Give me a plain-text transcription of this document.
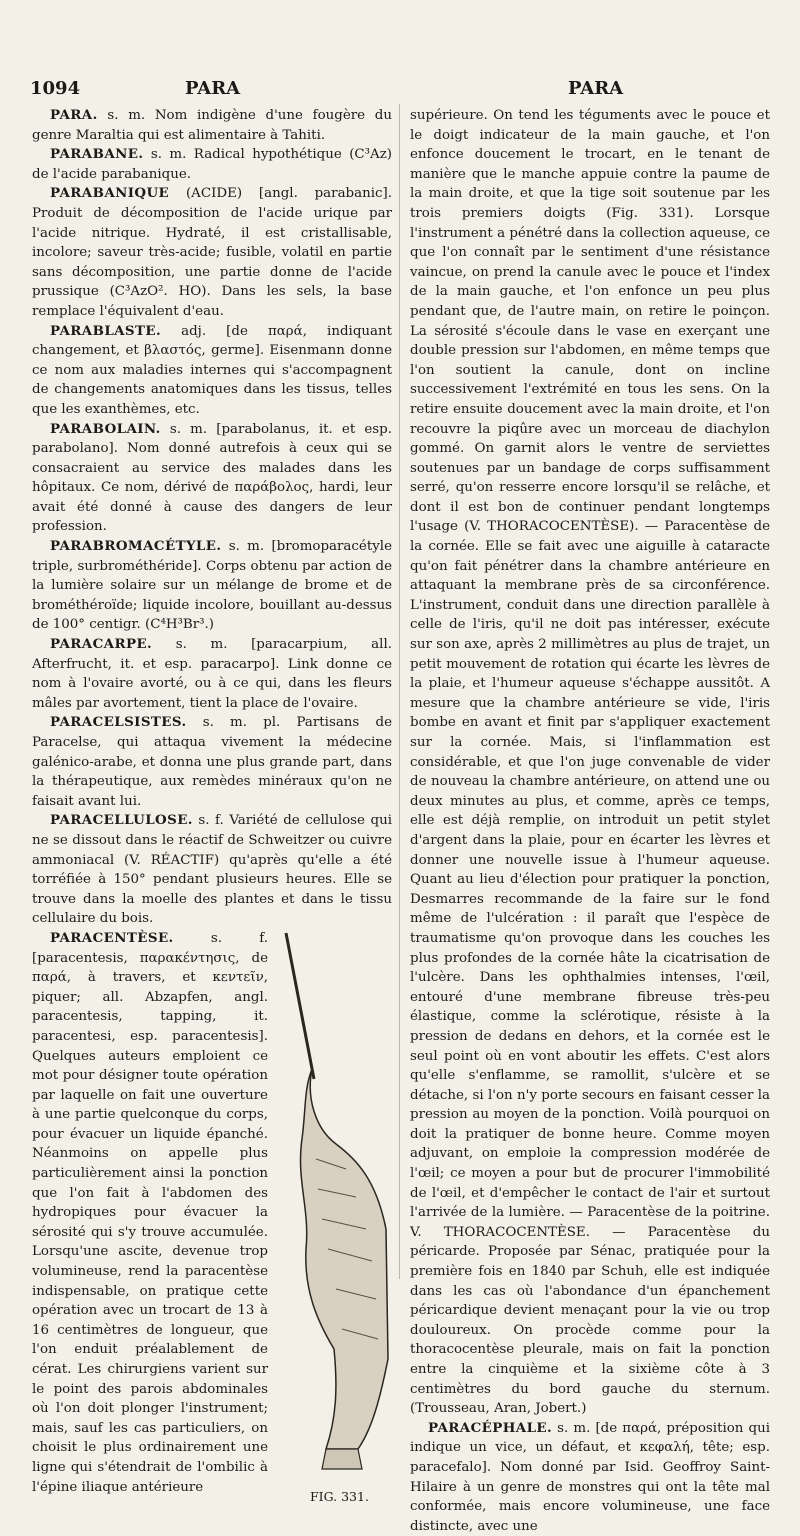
1094	PARA	PARA

PARA. s. m. Nom indigène d'une fougère du genre Maraltia qui est alimentaire à Tahiti.

PARABANE. s. m. Radical hypothétique (C³Az) de l'acide parabanique.

PARABANIQUE (ACIDE) [angl. parabanic]. Produit de décomposition de l'acide urique par l'acide nitrique. Hydraté, il est cristallisable, incolore; saveur très-acide; fusible, volatil en partie sans décomposition, une partie donne de l'acide prussique (C³AzO². HO). Dans les sels, la base remplace l'équivalent d'eau.

PARABLASTE. adj. [de παρά, indiquant changement, et βλαστός, germe]. Eisenmann donne ce nom aux maladies internes qui s'accompagnent de changements anatomiques dans les tissus, telles que les exanthèmes, etc.

PARABOLAIN. s. m. [parabolanus, it. et esp. parabolano]. Nom donné autrefois à ceux qui se consacraient au service des malades dans les hôpitaux. Ce nom, dérivé de παράβολος, hardi, leur avait été donné à cause des dangers de leur profession.

PARABROMACÉTYLE. s. m. [bromoparacétyle triple, surbrométhéride]. Corps obtenu par action de la lumière solaire sur un mélange de brome et de brométhéroïde; liquide incolore, bouillant au-dessus de 100° centigr. (C⁴H³Br³.)

PARACARPE. s. m. [paracarpium, all. Afterfrucht, it. et esp. paracarpo]. Link donne ce nom à l'ovaire avorté, ou à ce qui, dans les fleurs mâles par avortement, tient la place de l'ovaire.

PARACELSISTES. s. m. pl. Partisans de Paracelse, qui attaqua vivement la médecine galénico-arabe, et donna une plus grande part, dans la thérapeutique, aux remèdes minéraux qu'on ne faisait avant lui.

PARACELLULOSE. s. f. Variété de cellulose qui ne se dissout dans le réactif de Schweitzer ou cuivre ammoniacal (V. RÉACTIF) qu'après qu'elle a été torréfiée à 150° pendant plusieurs heures. Elle se trouve dans la moelle des plantes et dans le tissu cellulaire du bois.

FIG. 331.
PARACENTÈSE. s. f. [paracentesis, παρακέντησις, de παρά, à travers, et κεντεῖν, piquer; all. Abzapfen, angl. paracentesis, tapping, it. paracentesi, esp. paracentesis]. Quelques auteurs emploient ce mot pour désigner toute opération par laquelle on fait une ouverture à une partie quelconque du corps, pour évacuer un liquide épanché. Néanmoins on appelle plus particulièrement ainsi la ponction que l'on fait à l'abdomen des hydropiques pour évacuer la sérosité qui s'y trouve accumulée. Lorsqu'une ascite, devenue trop volumineuse, rend la paracentèse indispensable, on pratique cette opération avec un trocart de 13 à 16 centimètres de longueur, que l'on enduit préalablement de cérat. Les chirurgiens varient sur le point des parois abdominales où l'on doit plonger l'instrument; mais, sauf les cas particuliers, on choisit le plus ordinairement une ligne qui s'étendrait de l'ombilic à l'épine iliaque antérieure

supérieure. On tend les téguments avec le pouce et le doigt indicateur de la main gauche, et l'on enfonce doucement le trocart, en le tenant de manière que le manche appuie contre la paume de la main droite, et que la tige soit soutenue par les trois premiers doigts (Fig. 331). Lorsque l'instrument a pénétré dans la collection aqueuse, ce que l'on connaît par le sentiment d'une résistance vaincue, on prend la canule avec le pouce et l'index de la main gauche, et l'on enfonce un peu plus pendant que, de l'autre main, on retire le poinçon. La sérosité s'écoule dans le vase en exerçant une double pression sur l'abdomen, en même temps que l'on soutient la canule, dont on incline successivement l'extrémité en tous les sens. On la retire ensuite doucement avec la main droite, et l'on recouvre la piqûre avec un morceau de diachylon gommé. On garnit alors le ventre de serviettes soutenues par un bandage de corps suffisamment serré, qu'on resserre encore lorsqu'il se relâche, et dont il est bon de continuer pendant longtemps l'usage (V. THORACOCENTÈSE). — Paracentèse de la cornée. Elle se fait avec une aiguille à cataracte qu'on fait pénétrer dans la chambre antérieure en attaquant la membrane près de sa circonférence. L'instrument, conduit dans une direction parallèle à celle de l'iris, qu'il ne doit pas intéresser, exécute sur son axe, après 2 millimètres au plus de trajet, un petit mouvement de rotation qui écarte les lèvres de la plaie, et l'humeur aqueuse s'échappe aussitôt. A mesure que la chambre antérieure se vide, l'iris bombe en avant et finit par s'appliquer exactement sur la cornée. Mais, si l'inflammation est considérable, et que l'on juge convenable de vider de nouveau la chambre antérieure, on attend une ou deux minutes au plus, et comme, après ce temps, elle est déjà remplie, on introduit un petit stylet d'argent dans la plaie, pour en écarter les lèvres et donner une nouvelle issue à l'humeur aqueuse. Quant au lieu d'élection pour pratiquer la ponction, Desmarres recommande de la faire sur le fond même de l'ulcération : il paraît que l'espèce de traumatisme qu'on provoque dans les couches les plus profondes de la cornée hâte la cicatrisation de l'ulcère. Dans les ophthalmies intenses, l'œil, entouré d'une membrane fibreuse très-peu élastique, comme la sclérotique, résiste à la pression de dedans en dehors, et la cornée est le seul point où en vont aboutir les effets. C'est alors qu'elle s'enflamme, se ramollit, s'ulcère et se détache, si l'on n'y porte secours en faisant cesser la pression au moyen de la ponction. Voilà pourquoi on doit la pratiquer de bonne heure. Comme moyen adjuvant, on emploie la compression modérée de l'œil; ce moyen a pour but de procurer l'immobilité de l'œil, et d'empêcher le contact de l'air et surtout l'arrivée de la lumière. — Paracentèse de la poitrine. V. THORACOCENTÈSE. — Paracentèse du péricarde. Proposée par Sénac, pratiquée pour la première fois en 1840 par Schuh, elle est indiquée dans les cas où l'abondance d'un épanchement péricardique devient menaçant pour la vie ou trop douloureux. On procède comme pour la thoracocentèse pleurale, mais on fait la ponction entre la cinquième et la sixième côte à 3 centimètres du bord gauche du sternum. (Trousseau, Aran, Jobert.)

PARACÉPHALE. s. m. [de παρά, préposition qui indique un vice, un défaut, et κεφαλή, tête; esp. paracefalo]. Nom donné par Isid. Geoffroy Saint-Hilaire à un genre de monstres qui ont la tête mal conformée, mais encore volumineuse, une face distincte, avec une
